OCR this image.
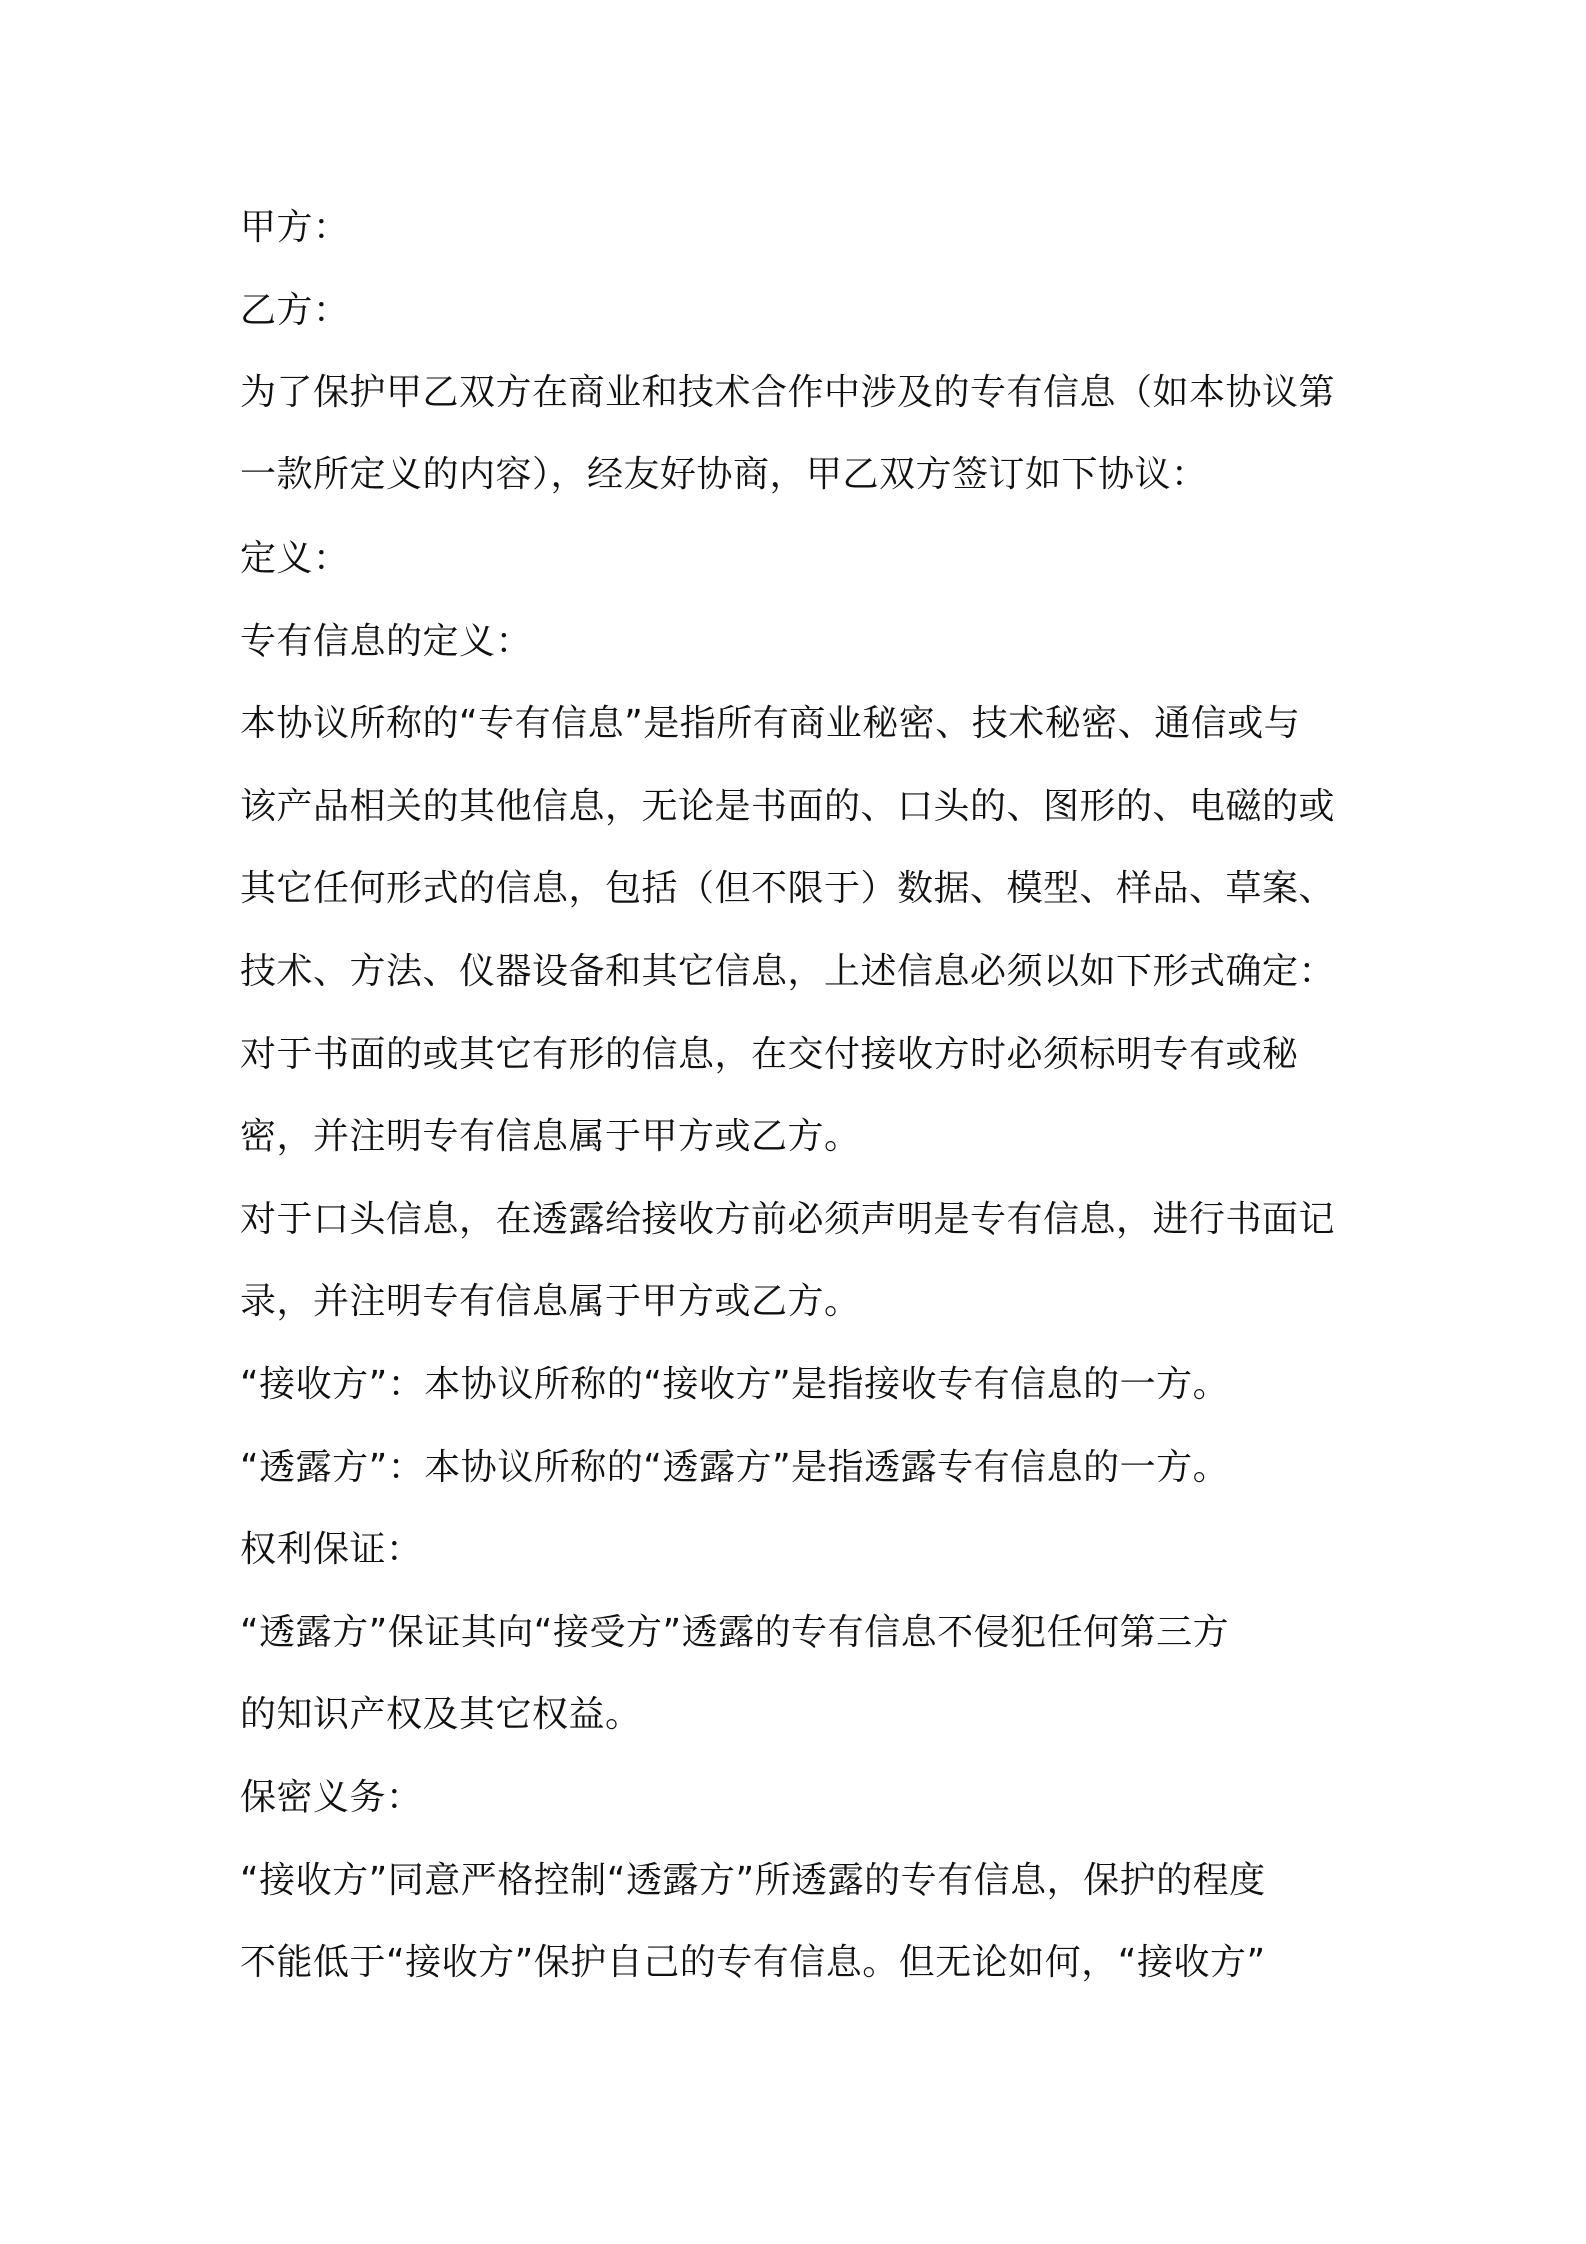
甲方：
乙方：
为了保护甲乙双方在商业和技术合作中涉及的专有信息（如本协议第
一款所定义的内容），经友好协商，甲乙双方签订如下协议：
定义：
专有信息的定义：
本协议所称的“专有信息”是指所有商业秘密、技术秘密、通信或与
该产品相关的其他信息，无论是书面的、口头的、图形的、电磁的或
其它任何形式的信息，包括（但不限于）数据、模型、样品、草案、
技术、方法、仪器设备和其它信息，上述信息必须以如下形式确定：
对于书面的或其它有形的信息，在交付接收方时必须标明专有或秘
密，并注明专有信息属于甲方或乙方。
对于口头信息，在透露给接收方前必须声明是专有信息，进行书面记
录，并注明专有信息属于甲方或乙方。
“接收方”：本协议所称的“接收方”是指接收专有信息的一方。
“透露方”：本协议所称的“透露方”是指透露专有信息的一方。
权利保证：
“透露方”保证其向“接受方”透露的专有信息不侵犯任何第三方
的知识产权及其它权益。
保密义务：
“接收方”同意严格控制“透露方”所透露的专有信息，保护的程度
不能低于“接收方”保护自己的专有信息。但无论如何，“接收方”
